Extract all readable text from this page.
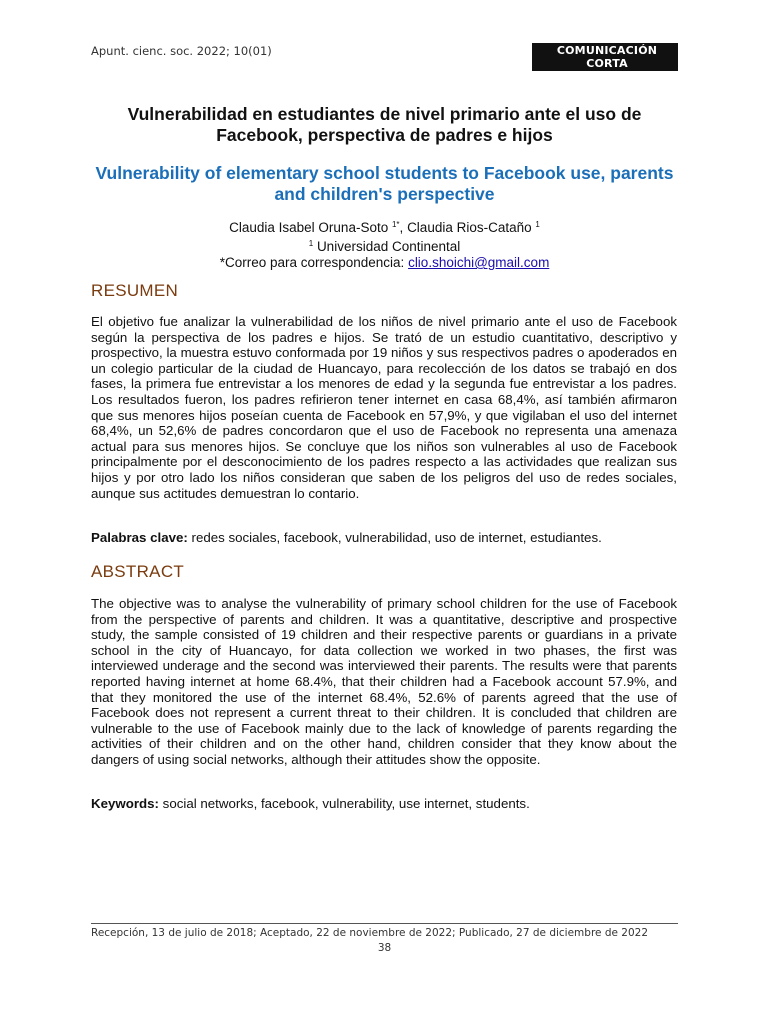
Apunt. cienc. soc. 2022; 10(01)	COMUNICACIÓN CORTA
Vulnerabilidad en estudiantes de nivel primario ante el uso de Facebook, perspectiva de padres e hijos
Vulnerability of elementary school students to Facebook use, parents and children's perspective
Claudia Isabel Oruna-Soto $^{1*}$, Claudia Rios-Cataño $^1$
$^1$ Universidad Continental
*Correo para correspondencia: clio.shoichi@gmail.com
RESUMEN
El objetivo fue analizar la vulnerabilidad de los niños de nivel primario ante el uso de Facebook según la perspectiva de los padres e hijos. Se trató de un estudio cuantitativo, descriptivo y prospectivo, la muestra estuvo conformada por 19 niños y sus respectivos padres o apoderados en un colegio particular de la ciudad de Huancayo, para recolección de los datos se trabajó en dos fases, la primera fue entrevistar a los menores de edad y la segunda fue entrevistar a los padres. Los resultados fueron, los padres refirieron tener internet en casa 68,4%, así también afirmaron que sus menores hijos poseían cuenta de Facebook en 57,9%, y que vigilaban el uso del internet 68,4%, un 52,6% de padres concordaron que el uso de Facebook no representa una amenaza actual para sus menores hijos. Se concluye que los niños son vulnerables al uso de Facebook principalmente por el desconocimiento de los padres respecto a las actividades que realizan sus hijos y por otro lado los niños consideran que saben de los peligros del uso de redes sociales, aunque sus actitudes demuestran lo contario.
Palabras clave: redes sociales, facebook, vulnerabilidad, uso de internet, estudiantes.
ABSTRACT
The objective was to analyse the vulnerability of primary school children for the use of Facebook from the perspective of parents and children. It was a quantitative, descriptive and prospective study, the sample consisted of 19 children and their respective parents or guardians in a private school in the city of Huancayo, for data collection we worked in two phases, the first was interviewed underage and the second was interviewed their parents. The results were that parents reported having internet at home 68.4%, that their children had a Facebook account 57.9%, and that they monitored the use of the internet 68.4%, 52.6% of parents agreed that the use of Facebook does not represent a current threat to their children. It is concluded that children are vulnerable to the use of Facebook mainly due to the lack of knowledge of parents regarding the activities of their children and on the other hand, children consider that they know about the dangers of using social networks, although their attitudes show the opposite.
Keywords: social networks, facebook, vulnerability, use internet, students.
Recepción, 13 de julio de 2018; Aceptado, 22 de noviembre de 2022; Publicado, 27 de diciembre de 2022
38
